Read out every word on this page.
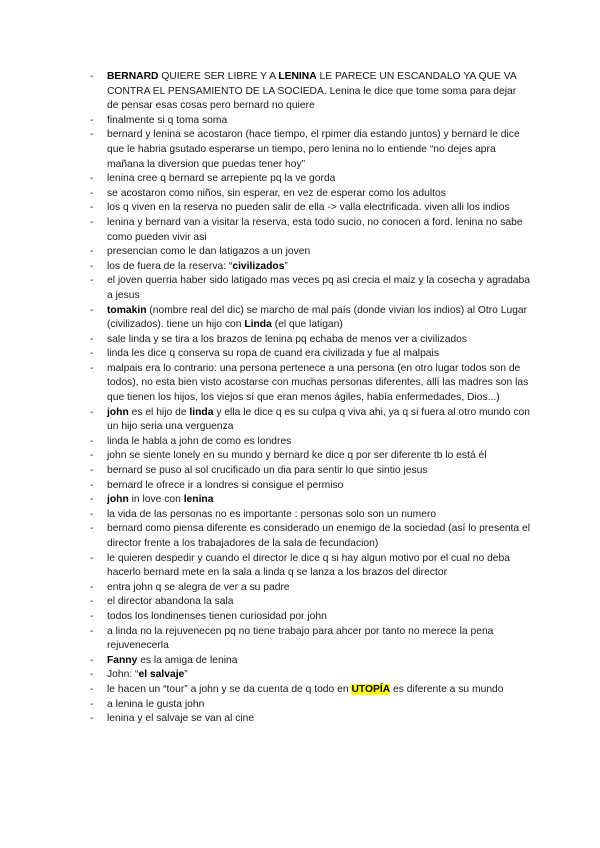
- BERNARD QUIERE SER LIBRE Y A LENINA LE PARECE UN ESCANDALO YA QUE VA CONTRA EL PENSAMIENTO DE LA SOCIEDA. Lenina le dice que tome soma para dejar de pensar esas cosas pero bernard no quiere
- finalmente si q toma soma
- bernard y lenina se acostaron (hace tiempo, el rpimer dia estando juntos) y bernard le dice que le habria gsutado esperarse un tiempo, pero lenina no lo entiende “no dejes apra mañana la diversion que puedas tener hoy”
- lenina cree q bernard se arrepiente pq la ve gorda
- se acostaron como niños, sin esperar, en vez de esperar como los adultos
- los q viven en la reserva no pueden salir de ella -> valla electrificada. viven alli los indios
- lenina y bernard van a visitar la reserva, esta todo sucio, no conocen a ford. lenina no sabe como pueden vivir asi
- presencian como le dan latigazos a un joven
- los de fuera de la reserva: “civilizados”
- el joven querria haber sido latigado mas veces pq asi crecia el maiz y la cosecha y agradaba a jesus
- tomakin (nombre real del dic) se marcho de mal país (donde vivian los indios) al Otro Lugar (civilizados). tiene un hijo con Linda (el que latigan)
- sale linda y se tira a los brazos de lenina pq echaba de menos ver a civilizados
- linda les dice q conserva su ropa de cuand era civilizada y fue al malpais
- malpais era lo contrario: una persona pertenece a una persona (en otro lugar todos son de todos), no esta bien visto acostarse con muchas personas diferentes, allí las madres son las que tienen los hijos, los viejos sí que eran menos ágiles, había enfermedades, Dios...)
- john es el hijo de linda y ella le dice q es su culpa q viva ahi, ya q si fuera al otro mundo con un hijo seria una verguenza
- linda le habla a john de como es londres
- john se siente lonely en su mundo y bernard ke dice q por ser diferente tb lo está él
- bernard se puso al sol crucificado un dia para sentir lo que sintio jesus
- bernard le ofrece ir a londres si consigue el permiso
- john in love con lenina
- la vida de las personas no es importante : personas solo son un numero
- bernard como piensa diferente es considerado un enemigo de la sociedad (así lo presenta el director frente a los trabajadores de la sala de fecundacion)
- le quieren despedir y cuando el director le dice q si hay algun motivo por el cual no deba hacerlo bernard mete en la sala a linda q se lanza a los brazos del director
- entra john q se alegra de ver a su padre
- el director abandona la sala
- todos los londinenses tienen curiosidad por john
- a linda no la rejuvenecen pq no tiene trabajo para ahcer por tanto no merece la pena rejuvenecerla
- Fanny es la amiga de lenina
- John: “el salvaje”
- le hacen un “tour” a john y se da cuenta de q todo en UTOPÍA es diferente a su mundo
- a lenina le gusta john
- lenina y el salvaje se van al cine
